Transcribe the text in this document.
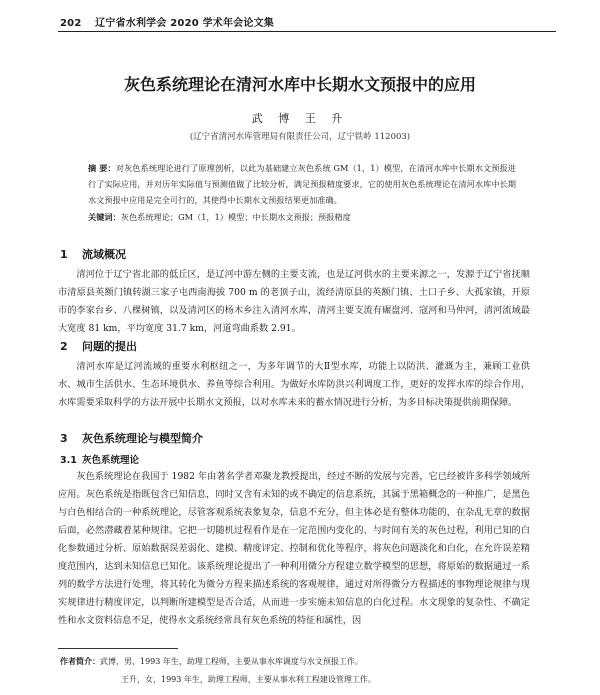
202 辽宁省水利学会 2020 学术年会论文集
灰色系统理论在清河水库中长期水文预报中的应用
武 博 王 升
(辽宁省清河水库管理局有限责任公司，辽宁铁岭 112003)
摘 要：对灰色系统理论进行了原理剖析，以此为基础建立灰色系统 GM（1，1）模型，在清河水库中长期水文预报进行了实际应用，并对历年实际值与预测值做了比较分析，满足预报精度要求，它的使用灰色系统理论在清河水库中长期水文预报中应用是完全可行的，其使得中长期水文预报结果更加准确。
关键词：灰色系统理论；GM（1，1）模型；中长期水文预报；预报精度
1 流域概况
清河位于辽宁省北部的低丘区，是辽河中游左侧的主要支流，也是辽河供水的主要来源之一，发源于辽宁省抚顺市清原县英额门镇转湖三家子屯西南海拔 700 m 的老顶子山，流经清原县的英额门镇、土口子乡、大孤家镇，开原市的李家台乡、八棵树镇，以及清河区的杨木乡注入清河水库，清河主要支流有碾盘河、寇河和马仲河，清河流域最大宽度 81 km，平均宽度 31.7 km，河道弯曲系数 2.91。
2 问题的提出
清河水库是辽河流域的重要水利枢纽之一，为多年调节的大Ⅱ型水库，功能上以防洪、灌溉为主，兼顾工业供水、城市生活供水、生态环境供水、养鱼等综合利用。为做好水库防洪兴利调度工作，更好的发挥水库的综合作用，水库需要采取科学的方法开展中长期水文预报，以对水库未来的蓄水情况进行分析，为多目标决策提供前期保障。
3 灰色系统理论与模型简介
3.1 灰色系统理论
灰色系统理论在我国于 1982 年由著名学者邓聚龙教授提出，经过不断的发展与完善，它已经被许多科学领域所应用。灰色系统是指既包含已知信息，同时又含有未知的或不确定的信息系统，其属于黑箱概念的一种推广，是黑色与白色相结合的一种系统理论，尽管客观系统表象复杂，信息不充分，但主体必是有整体功能的，在杂乱无章的数据后面，必然潜藏着某种规律。它把一切随机过程看作是在一定范围内变化的、与时间有关的灰色过程，利用已知的白化参数通过分析、原始数据误差弱化、建模、精度评定、控制和优化等程序，将灰色问题淡化和白化，在允许误差精度范围内，达到未知信息已知化。该系统理论提出了一种利用微分方程建立数学模型的思想，将原始的数据通过一系列的数学方法进行处理，将其转化为微分方程来描述系统的客观规律，通过对所得微分方程描述的事物理论规律与现实规律进行精度评定，以判断所建模型是否合适，从而进一步实施未知信息的白化过程。水文现象的复杂性、不确定性和水文资料信息不足，使得水文系统经常具有灰色系统的特征和属性，因
作者简介：武博，男，1993 年生，助理工程师，主要从事水库调度与水文预报工作。
王升，女，1993 年生，助理工程师，主要从事水利工程建设管理工作。
